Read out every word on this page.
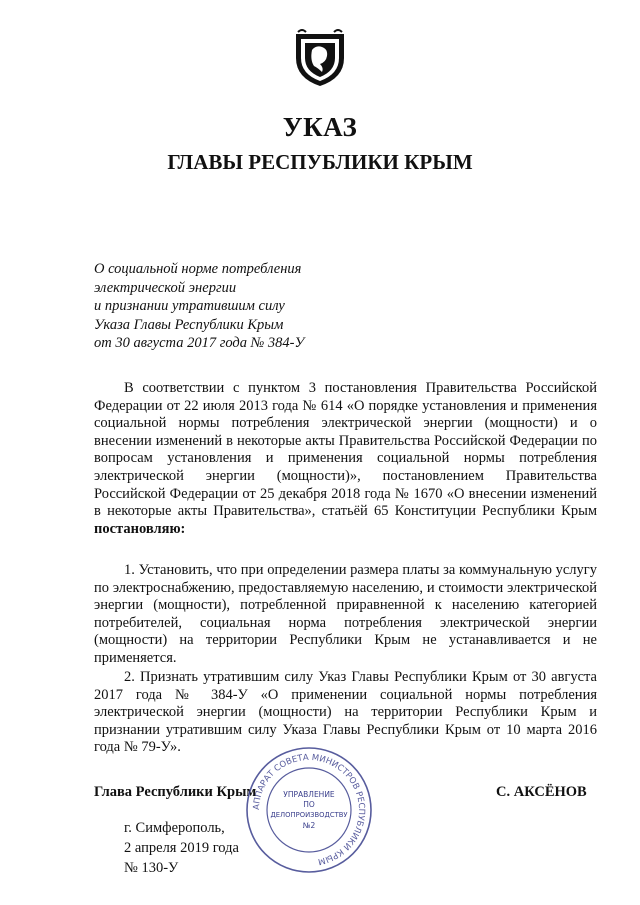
УКАЗ
ГЛАВЫ РЕСПУБЛИКИ КРЫМ
О социальной норме потребления
электрической энергии
и признании утратившим силу
Указа Главы Республики Крым
от 30 августа 2017 года № 384-У

В соответствии с пунктом 3 постановления Правительства Российской Федерации от 22 июля 2013 года № 614 «О порядке установления и применения социальной нормы потребления электрической энергии (мощности) и о внесении изменений в некоторые акты Правительства Российской Федерации по вопросам установления и применения социальной нормы потребления электрической энергии (мощности)», постановлением Правительства Российской Федерации от 25 декабря 2018 года № 1670 «О внесении изменений в некоторые акты Правительства», статьёй 65 Конституции Республики Крым постановляю:

1. Установить, что при определении размера платы за коммунальную услугу по электроснабжению, предоставляемую населению, и стоимости электрической энергии (мощности), потребленной приравненной к населению категорией потребителей, социальная норма потребления электрической энергии (мощности) на территории Республики Крым не устанавливается и не применяется.

2. Признать утратившим силу Указ Главы Республики Крым от 30 августа 2017 года № 384-У «О применении социальной нормы потребления электрической энергии (мощности) на территории Республики Крым и признании утратившим силу Указа Главы Республики Крым от 10 марта 2016 года № 79-У».

Глава Республики Крым	С. АКСЁНОВ
г. Симферополь,
2 апреля 2019 года
№ 130-У
АППАРАТ СОВЕТА МИНИСТРОВ РЕСПУБЛИКИ КРЫМ
УПРАВЛЕНИЕ
ПО
ДЕЛОПРОИЗВОДСТВУ
№2
